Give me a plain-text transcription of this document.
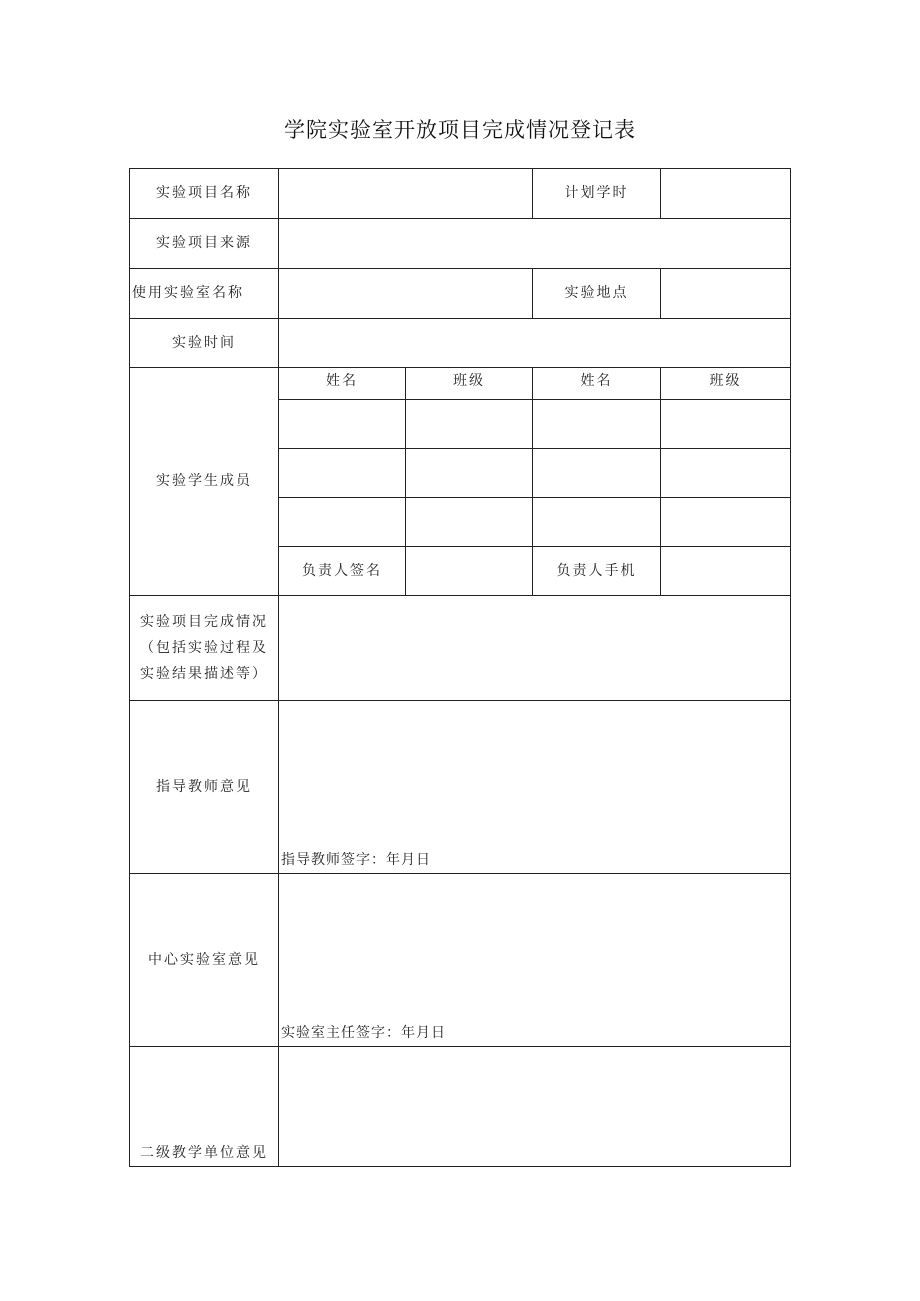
学院实验室开放项目完成情况登记表
实验项目名称			计划学时	
实验项目来源				
使用实验室名称			实验地点	
实验时间				
实验学生成员	姓名	班级	姓名	班级

	负责人签名		负责人手机	

实验项目完成情况
（包括实验过程及
实验结果描述等）				

指导教师意见	指导教师签字：年月日			

中心实验室意见	实验室主任签字：年月日			

二级教学单位意见				
